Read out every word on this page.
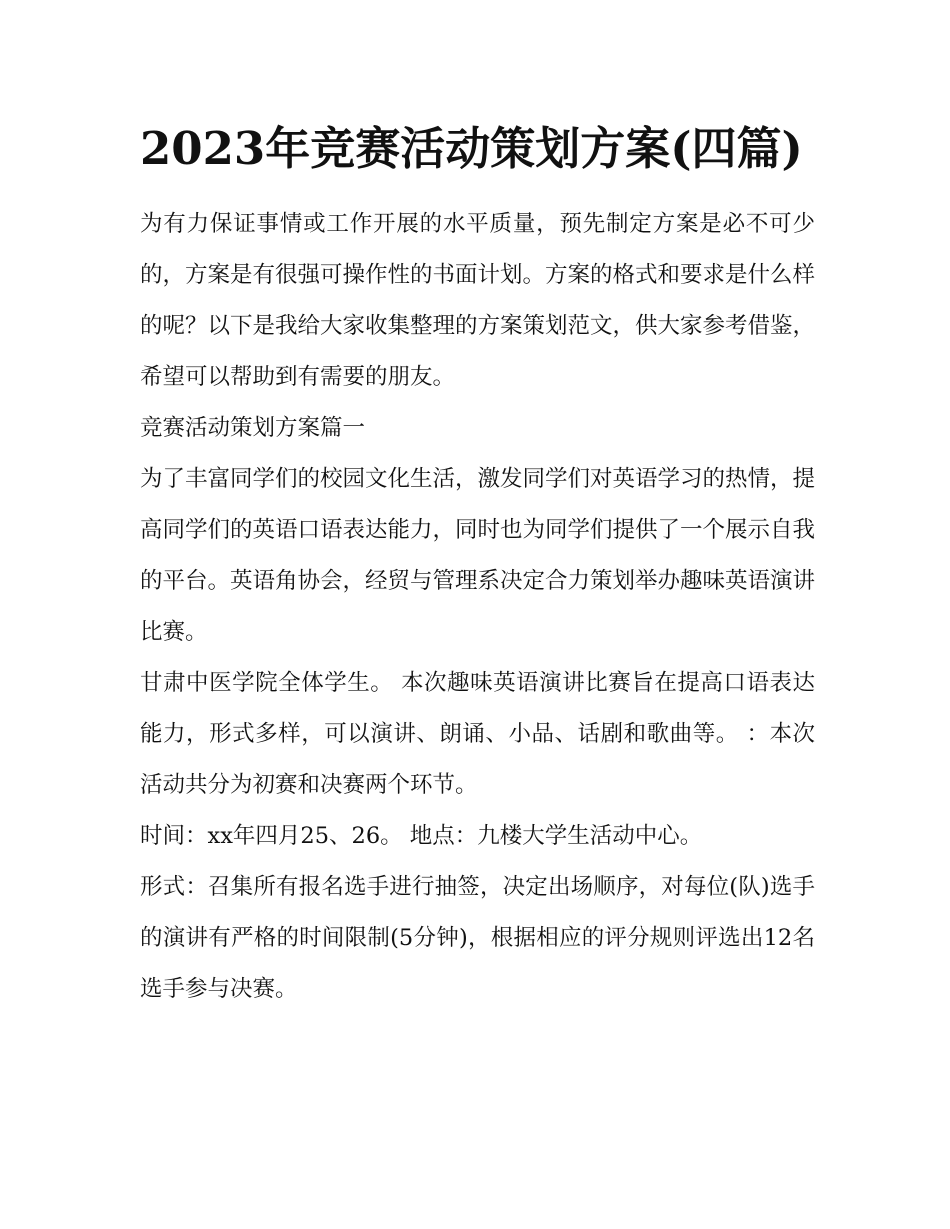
2023年竞赛活动策划方案(四篇)

为有力保证事情或工作开展的水平质量，预先制定方案是必不可少的，方案是有很强可操作性的书面计划。方案的格式和要求是什么样的呢？以下是我给大家收集整理的方案策划范文，供大家参考借鉴，希望可以帮助到有需要的朋友。

竞赛活动策划方案篇一

为了丰富同学们的校园文化生活，激发同学们对英语学习的热情，提高同学们的英语口语表达能力，同时也为同学们提供了一个展示自我的平台。英语角协会，经贸与管理系决定合力策划举办趣味英语演讲比赛。

甘肃中医学院全体学生。 本次趣味英语演讲比赛旨在提高口语表达能力，形式多样，可以演讲、朗诵、小品、话剧和歌曲等。 ：本次活动共分为初赛和决赛两个环节。

时间：xx年四月25、26。 地点：九楼大学生活动中心。

形式：召集所有报名选手进行抽签，决定出场顺序，对每位(队)选手的演讲有严格的时间限制(5分钟)，根据相应的评分规则评选出12名选手参与决赛。
